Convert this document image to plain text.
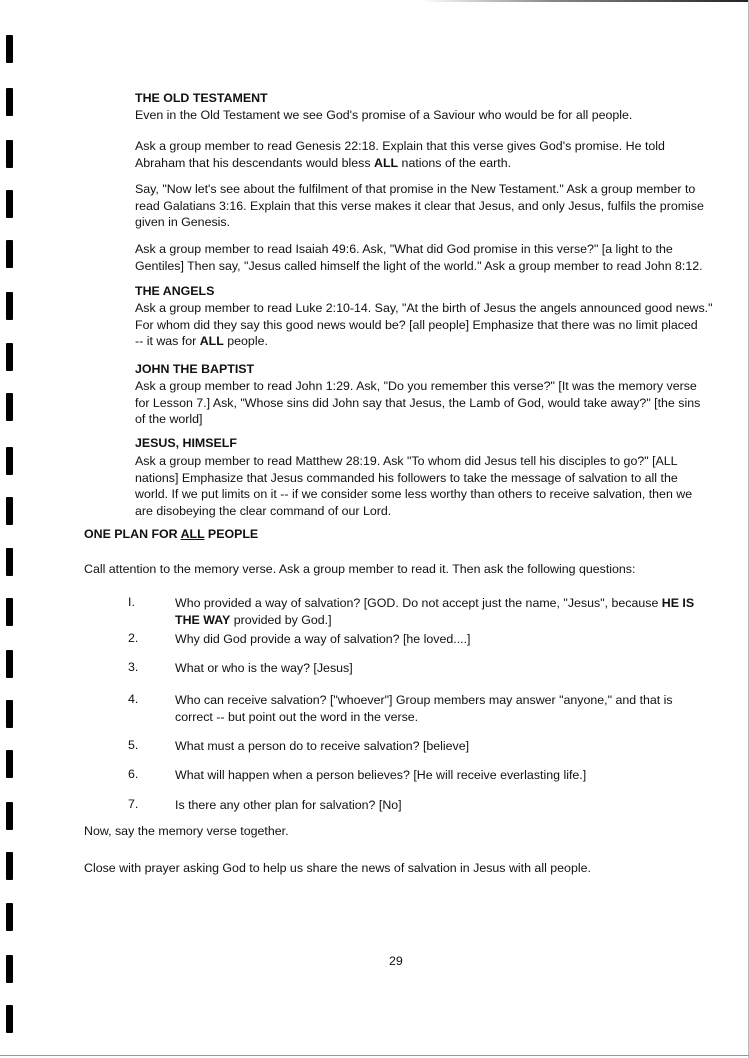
THE OLD TESTAMENT
Even in the Old Testament we see God's promise of a Saviour who would be for all people.
Ask a group member to read Genesis 22:18. Explain that this verse gives God's promise. He told
Abraham that his descendants would bless ALL nations of the earth.
Say, "Now let's see about the fulfilment of that promise in the New Testament." Ask a group member to
read Galatians 3:16. Explain that this verse makes it clear that Jesus, and only Jesus, fulfils the promise
given in Genesis.
Ask a group member to read Isaiah 49:6. Ask, "What did God promise in this verse?" [a light to the
Gentiles] Then say, "Jesus called himself the light of the world." Ask a group member to read John 8:12.
THE ANGELS
Ask a group member to read Luke 2:10-14. Say, "At the birth of Jesus the angels announced good news."
For whom did they say this good news would be? [all people] Emphasize that there was no limit placed
-- it was for ALL people.
JOHN THE BAPTIST
Ask a group member to read John 1:29. Ask, "Do you remember this verse?" [It was the memory verse
for Lesson 7.] Ask, "Whose sins did John say that Jesus, the Lamb of God, would take away?" [the sins
of the world]
JESUS, HIMSELF
Ask a group member to read Matthew 28:19. Ask "To whom did Jesus tell his disciples to go?" [ALL
nations] Emphasize that Jesus commanded his followers to take the message of salvation to all the
world. If we put limits on it -- if we consider some less worthy than others to receive salvation, then we
are disobeying the clear command of our Lord.
ONE PLAN FOR ALL PEOPLE
Call attention to the memory verse. Ask a group member to read it. Then ask the following questions:
I.	Who provided a way of salvation? [GOD. Do not accept just the name, "Jesus", because HE IS
THE WAY provided by God.]
2.	Why did God provide a way of salvation? [he loved....]
3.	What or who is the way? [Jesus]
4.	Who can receive salvation? ["whoever"] Group members may answer "anyone," and that is
correct -- but point out the word in the verse.
5.	What must a person do to receive salvation? [believe]
6.	What will happen when a person believes? [He will receive everlasting life.]
7.	Is there any other plan for salvation? [No]
Now, say the memory verse together.
Close with prayer asking God to help us share the news of salvation in Jesus with all people.
29
